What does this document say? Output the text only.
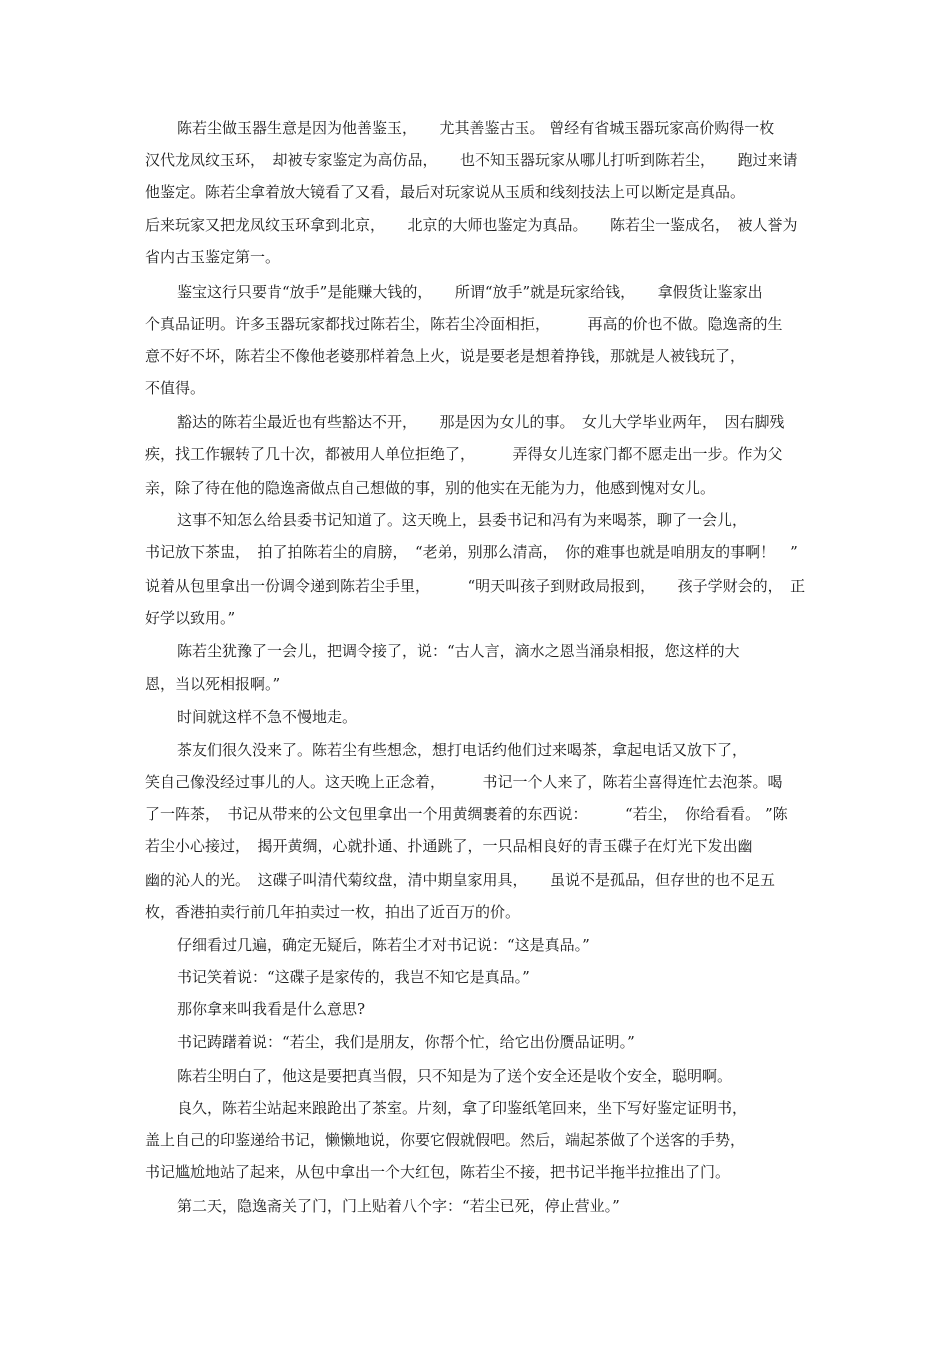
陈若尘做玉器生意是因为他善鉴玉，　　尤其善鉴古玉。 曾经有省城玉器玩家高价购得一枚
汉代龙凤纹玉环，　却被专家鉴定为高仿品，　　也不知玉器玩家从哪儿打听到陈若尘，　　跑过来请
他鉴定。陈若尘拿着放大镜看了又看，最后对玩家说从玉质和线刻技法上可以断定是真品。
后来玩家又把龙凤纹玉环拿到北京，　　北京的大师也鉴定为真品。　　陈若尘一鉴成名，　被人誉为
省内古玉鉴定第一。
鉴宝这行只要肯“放手”是能赚大钱的，　　所谓“放手”就是玩家给钱，　　拿假货让鉴家出
个真品证明。许多玉器玩家都找过陈若尘，陈若尘冷面相拒，　　　再高的价也不做。隐逸斋的生
意不好不坏，陈若尘不像他老婆那样着急上火，说是要老是想着挣钱，那就是人被钱玩了，
不值得。
豁达的陈若尘最近也有些豁达不开，　　那是因为女儿的事。　女儿大学毕业两年，　因右脚残
疾，找工作辗转了几十次，都被用人单位拒绝了，　　　弄得女儿连家门都不愿走出一步。作为父
亲，除了待在他的隐逸斋做点自己想做的事，别的他实在无能为力，他感到愧对女儿。
这事不知怎么给县委书记知道了。这天晚上，县委书记和冯有为来喝茶，聊了一会儿，
书记放下茶盅，　拍了拍陈若尘的肩膀，　“老弟，别那么清高，　你的难事也就是咱朋友的事啊！　”
说着从包里拿出一份调令递到陈若尘手里，　　　“明天叫孩子到财政局报到，　　孩子学财会的，　正
好学以致用。”
陈若尘犹豫了一会儿，把调令接了，说：“古人言，滴水之恩当涌泉相报，您这样的大
恩，当以死相报啊。”
时间就这样不急不慢地走。
茶友们很久没来了。陈若尘有些想念，想打电话约他们过来喝茶，拿起电话又放下了，
笑自己像没经过事儿的人。这天晚上正念着，　　　书记一个人来了，陈若尘喜得连忙去泡茶。喝
了一阵茶，　书记从带来的公文包里拿出一个用黄绸裹着的东西说：　　　“若尘，　你给看看。 ”陈
若尘小心接过，　揭开黄绸，心就扑通、扑通跳了，一只品相良好的青玉碟子在灯光下发出幽
幽的沁人的光。　这碟子叫清代菊纹盘，清中期皇家用具，　　虽说不是孤品，但存世的也不足五
枚，香港拍卖行前几年拍卖过一枚，拍出了近百万的价。
仔细看过几遍，确定无疑后，陈若尘才对书记说：“这是真品。”
书记笑着说：“这碟子是家传的，我岂不知它是真品。”
那你拿来叫我看是什么意思?
书记踌躇着说：“若尘，我们是朋友，你帮个忙，给它出份赝品证明。”
陈若尘明白了，他这是要把真当假，只不知是为了送个安全还是收个安全，聪明啊。
良久，陈若尘站起来踉跄出了茶室。片刻，拿了印鉴纸笔回来，坐下写好鉴定证明书，
盖上自己的印鉴递给书记，懒懒地说，你要它假就假吧。然后，端起茶做了个送客的手势，
书记尴尬地站了起来，从包中拿出一个大红包，陈若尘不接，把书记半拖半拉推出了门。
第二天，隐逸斋关了门，门上贴着八个字：“若尘已死，停止营业。”
